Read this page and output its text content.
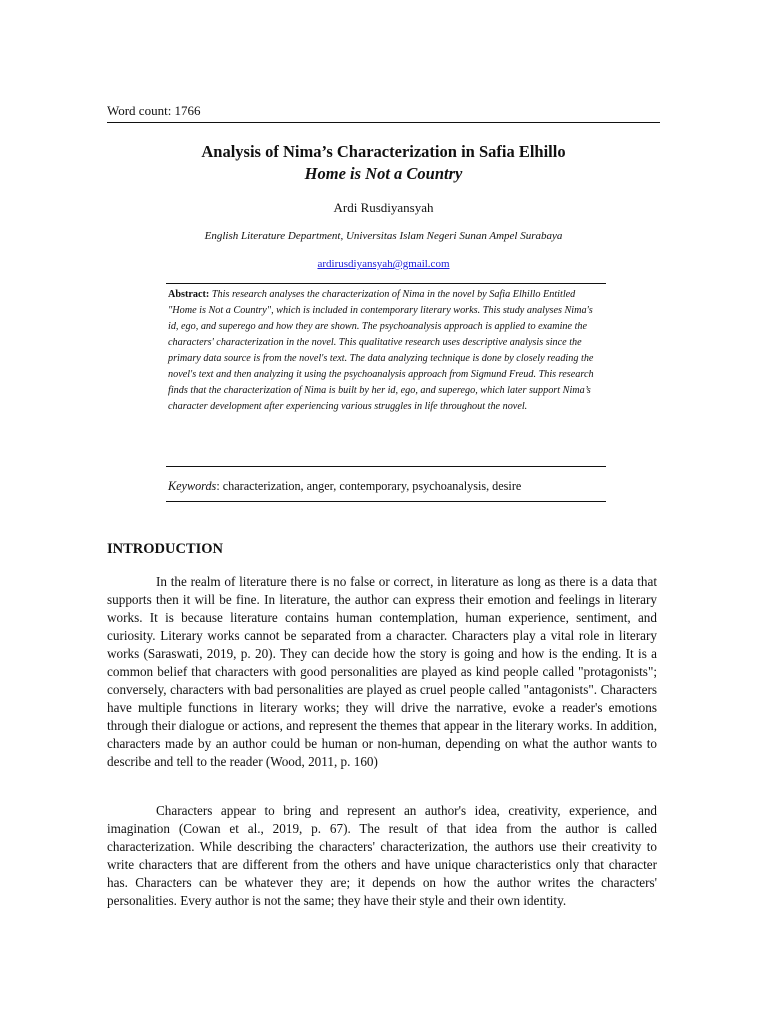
Word count: 1766
Analysis of Nima’s Characterization in Safia Elhillo
Home is Not a Country
Ardi Rusdiyansyah
English Literature Department, Universitas Islam Negeri Sunan Ampel Surabaya
ardirusdiyansyah@gmail.com
Abstract: This research analyses the characterization of Nima in the novel by Safia Elhillo Entitled "Home is Not a Country", which is included in contemporary literary works. This study analyses Nima's id, ego, and superego and how they are shown. The psychoanalysis approach is applied to examine the characters' characterization in the novel. This qualitative research uses descriptive analysis since the primary data source is from the novel's text. The data analyzing technique is done by closely reading the novel's text and then analyzing it using the psychoanalysis approach from Sigmund Freud. This research finds that the characterization of Nima is built by her id, ego, and superego, which later support Nima’s character development after experiencing various struggles in life throughout the novel.
Keywords: characterization, anger, contemporary, psychoanalysis, desire
INTRODUCTION

In the realm of literature there is no false or correct, in literature as long as there is a data that supports then it will be fine. In literature, the author can express their emotion and feelings in literary works. It is because literature contains human contemplation, human experience, sentiment, and curiosity. Literary works cannot be separated from a character. Characters play a vital role in literary works (Saraswati, 2019, p. 20). They can decide how the story is going and how is the ending. It is a common belief that characters with good personalities are played as kind people called "protagonists"; conversely, characters with bad personalities are played as cruel people called "antagonists". Characters have multiple functions in literary works; they will drive the narrative, evoke a reader's emotions through their dialogue or actions, and represent the themes that appear in the literary works. In addition, characters made by an author could be human or non-human, depending on what the author wants to describe and tell to the reader (Wood, 2011, p. 160)

Characters appear to bring and represent an author's idea, creativity, experience, and imagination (Cowan et al., 2019, p. 67). The result of that idea from the author is called characterization. While describing the characters' characterization, the authors use their creativity to write characters that are different from the others and have unique characteristics only that character has. Characters can be whatever they are; it depends on how the author writes the characters' personalities. Every author is not the same; they have their style and their own identity.
